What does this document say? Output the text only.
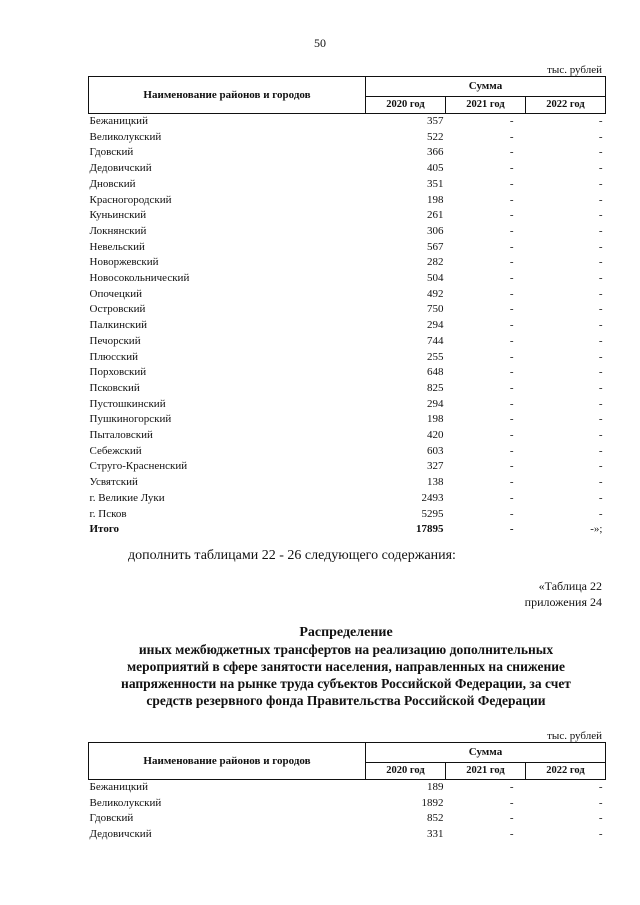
50
тыс. рублей
Наименование районов и городов	Сумма		
	2020 год	2021 год	2022 год
Бежаницкий	357	-	-
Великолукский	522	-	-
Гдовский	366	-	-
Дедовичский	405	-	-
Дновский	351	-	-
Красногородский	198	-	-
Куньинский	261	-	-
Локнянский	306	-	-
Невельский	567	-	-
Новоржевский	282	-	-
Новосокольнический	504	-	-
Опочецкий	492	-	-
Островский	750	-	-
Палкинский	294	-	-
Печорский	744	-	-
Плюсский	255	-	-
Порховский	648	-	-
Псковский	825	-	-
Пустошкинский	294	-	-
Пушкиногорский	198	-	-
Пыталовский	420	-	-
Себежский	603	-	-
Струго-Красненский	327	-	-
Усвятский	138	-	-
г. Великие Луки	2493	-	-
г. Псков	5295	-	-
Итого	17895	-	-»;
дополнить таблицами 22 - 26 следующего содержания:
«Таблица 22
приложения 24
Распределение
иных межбюджетных трансфертов на реализацию дополнительных
мероприятий в сфере занятости населения, направленных на снижение
напряженности на рынке труда субъектов Российской Федерации, за счет
средств резервного фонда Правительства Российской Федерации
тыс. рублей
Наименование районов и городов	Сумма		
	2020 год	2021 год	2022 год
Бежаницкий	189	-	-
Великолукский	1892	-	-
Гдовский	852	-	-
Дедовичский	331	-	-
